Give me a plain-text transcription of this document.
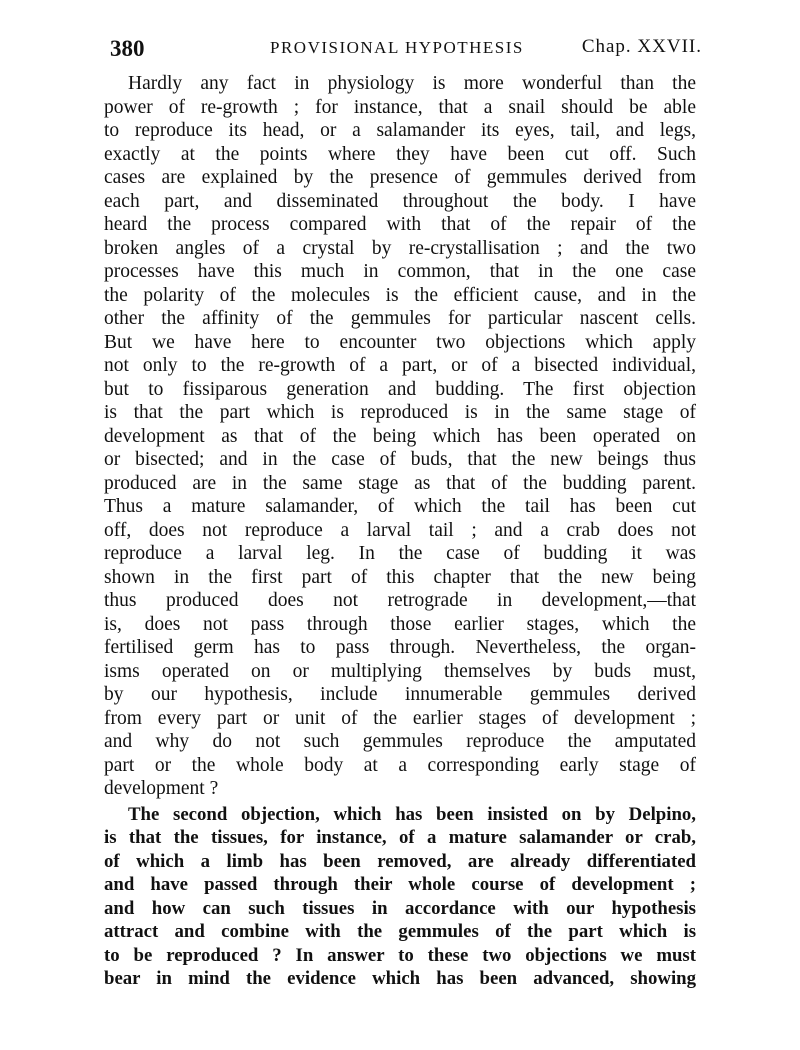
380	PROVISIONAL HYPOTHESIS	Chap. XXVII.
Hardly any fact in physiology is more wonderful than the
power of re-growth ; for instance, that a snail should be able
to reproduce its head, or a salamander its eyes, tail, and legs,
exactly at the points where they have been cut off. Such
cases are explained by the presence of gemmules derived from
each part, and disseminated throughout the body. I have
heard the process compared with that of the repair of the
broken angles of a crystal by re-crystallisation ; and the two
processes have this much in common, that in the one case
the polarity of the molecules is the efficient cause, and in the
other the affinity of the gemmules for particular nascent cells.
But we have here to encounter two objections which apply
not only to the re-growth of a part, or of a bisected individual,
but to fissiparous generation and budding. The first objection
is that the part which is reproduced is in the same stage of
development as that of the being which has been operated on
or bisected; and in the case of buds, that the new beings thus
produced are in the same stage as that of the budding parent.
Thus a mature salamander, of which the tail has been cut
off, does not reproduce a larval tail ; and a crab does not
reproduce a larval leg. In the case of budding it was
shown in the first part of this chapter that the new being
thus produced does not retrograde in development,—that
is, does not pass through those earlier stages, which the
fertilised germ has to pass through. Nevertheless, the organ-
isms operated on or multiplying themselves by buds must,
by our hypothesis, include innumerable gemmules derived
from every part or unit of the earlier stages of development ;
and why do not such gemmules reproduce the amputated
part or the whole body at a corresponding early stage of
development ?
The second objection, which has been insisted on by Delpino,
is that the tissues, for instance, of a mature salamander or crab,
of which a limb has been removed, are already differentiated
and have passed through their whole course of development ;
and how can such tissues in accordance with our hypothesis
attract and combine with the gemmules of the part which is
to be reproduced ? In answer to these two objections we must
bear in mind the evidence which has been advanced, showing
